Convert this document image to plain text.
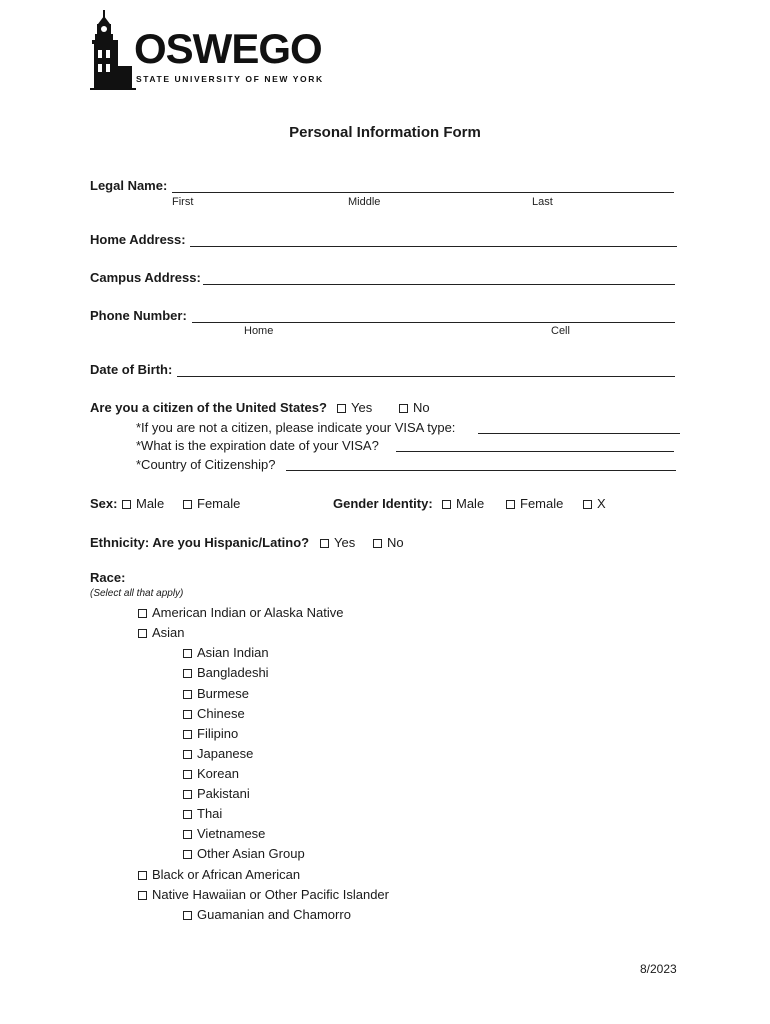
OSWEGO
STATE UNIVERSITY OF NEW YORK
Personal Information Form
Legal Name:
First	Middle	Last
Home Address:
Campus Address:
Phone Number:
Home	Cell
Date of Birth:
Are you a citizen of the United States?	Yes	No
*If you are not a citizen, please indicate your VISA type:
*What is the expiration date of your VISA?
*Country of Citizenship?
Sex:	Male	Female	Gender Identity:	Male	Female	X
Ethnicity: Are you Hispanic/Latino?	Yes	No
Race:
(Select all that apply)
American Indian or Alaska Native
Asian
Asian Indian
Bangladeshi
Burmese
Chinese
Filipino
Japanese
Korean
Pakistani
Thai
Vietnamese
Other Asian Group
Black or African American
Native Hawaiian or Other Pacific Islander
Guamanian and Chamorro
8/2023
